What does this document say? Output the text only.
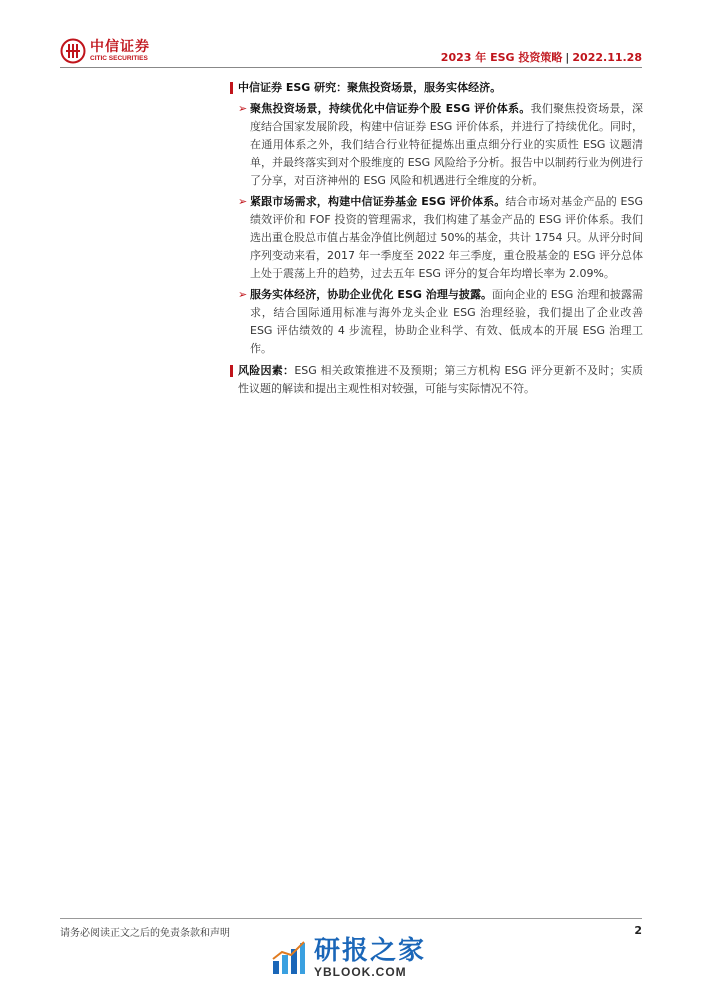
中信证券
CITIC SECURITIES	2023 年 ESG 投资策略 | 2022.11.28
中信证券 ESG 研究：聚焦投资场景，服务实体经济。
➢ 聚焦投资场景，持续优化中信证券个股 ESG 评价体系。我们聚焦投资场景，深度结合国家发展阶段，构建中信证券 ESG 评价体系，并进行了持续优化。同时，在通用体系之外，我们结合行业特征提炼出重点细分行业的实质性 ESG 议题清单，并最终落实到对个股维度的 ESG 风险给予分析。报告中以制药行业为例进行了分享，对百济神州的 ESG 风险和机遇进行全维度的分析。
➢ 紧跟市场需求，构建中信证券基金 ESG 评价体系。结合市场对基金产品的 ESG 绩效评价和 FOF 投资的管理需求，我们构建了基金产品的 ESG 评价体系。我们选出重仓股总市值占基金净值比例超过 50%的基金，共计 1754 只。从评分时间序列变动来看，2017 年一季度至 2022 年三季度，重仓股基金的 ESG 评分总体上处于震荡上升的趋势，过去五年 ESG 评分的复合年均增长率为 2.09%。
➢ 服务实体经济，协助企业优化 ESG 治理与披露。面向企业的 ESG 治理和披露需求，结合国际通用标准与海外龙头企业 ESG 治理经验，我们提出了企业改善 ESG 评估绩效的 4 步流程，协助企业科学、有效、低成本的开展 ESG 治理工作。
风险因素：ESG 相关政策推进不及预期；第三方机构 ESG 评分更新不及时；实质性议题的解读和提出主观性相对较强，可能与实际情况不符。
请务必阅读正文之后的免责条款和声明	2
研报之家
YBLOOK.COM
